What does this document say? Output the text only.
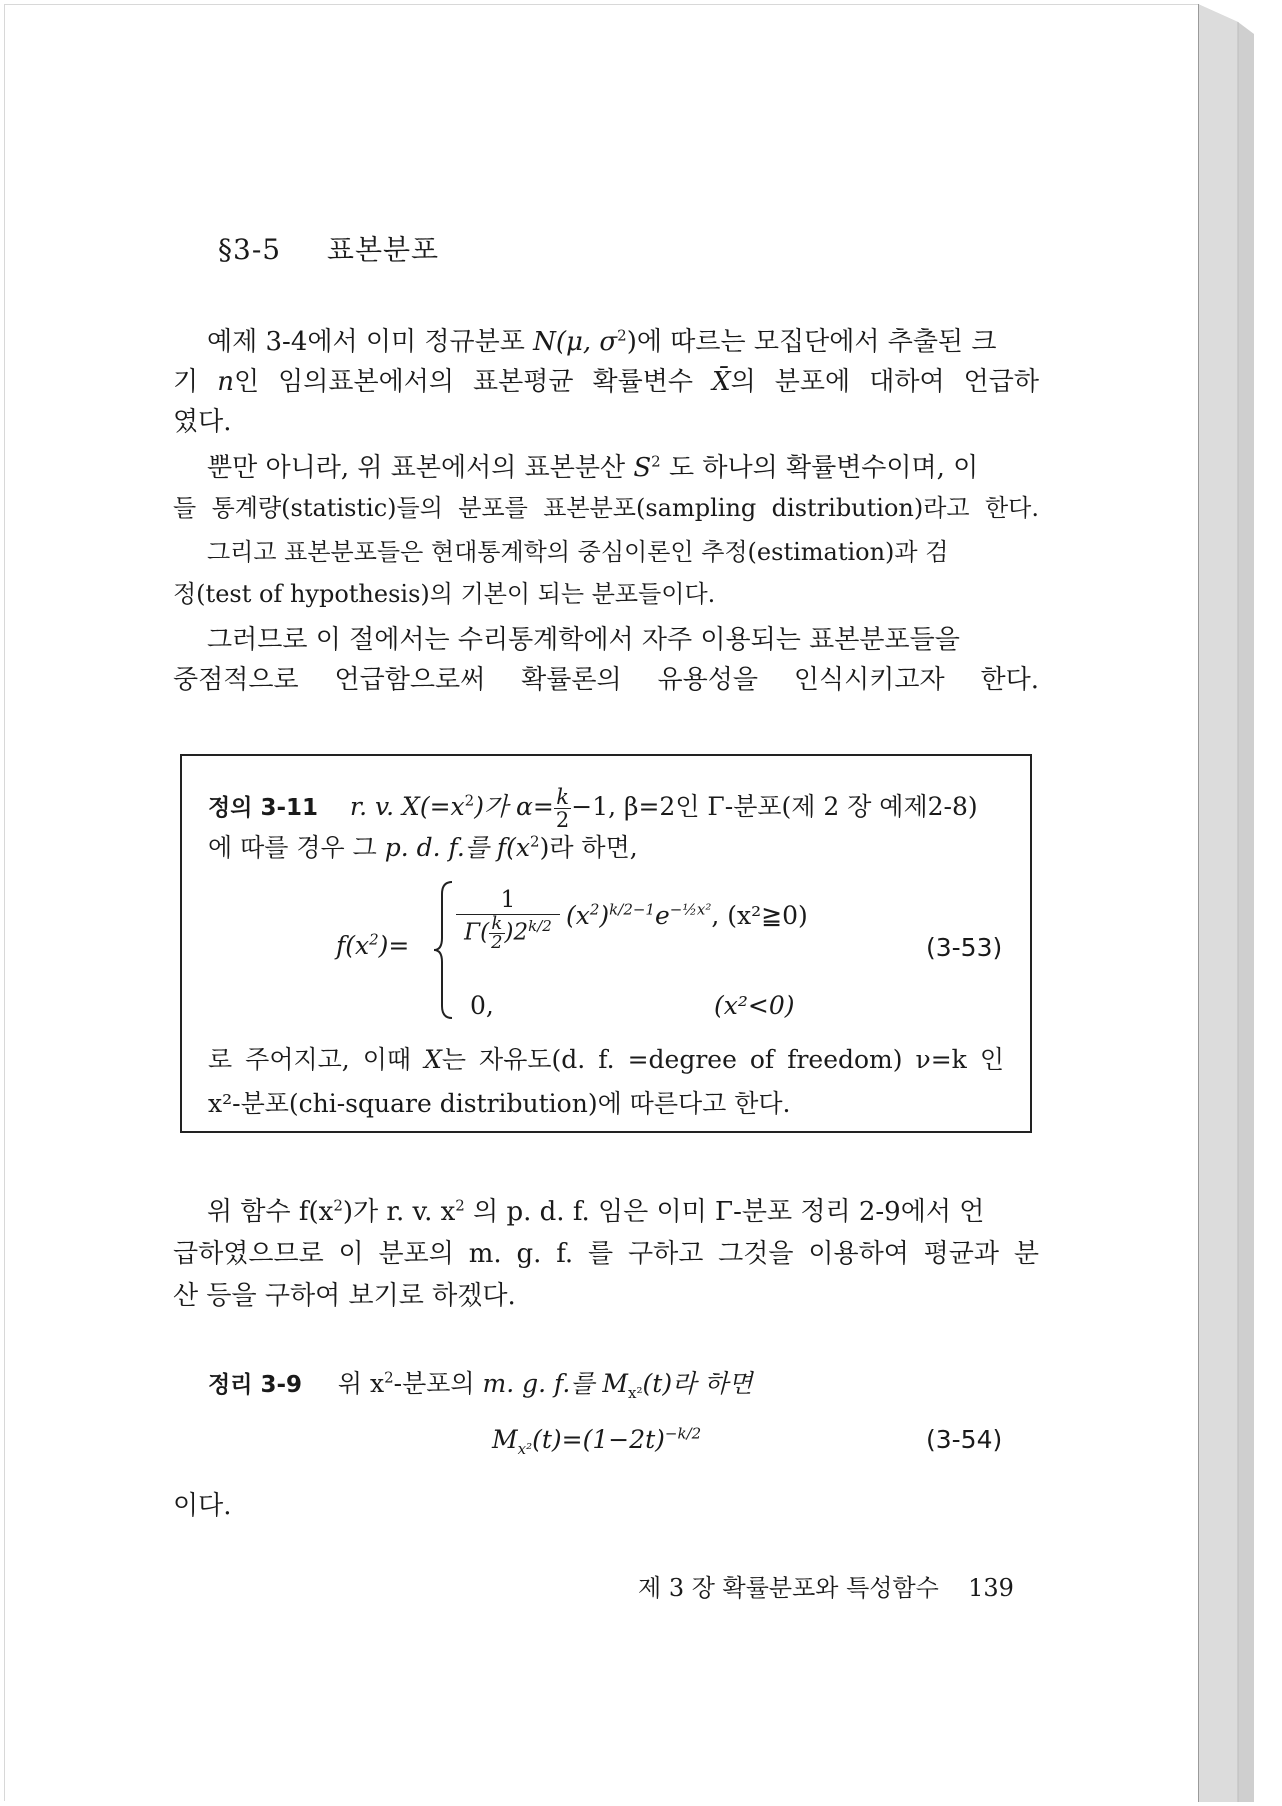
§3-5 표본분포
예제 3-4에서 이미 정규분포 N(μ, $\sigma^2$)에 따르는 모집단에서 추출된 크
기 n인 임의표본에서의 표본평균 확률변수 X̄의 분포에 대하여 언급하
였다.
뿐만 아니라, 위 표본에서의 표본분산 $S^2$ 도 하나의 확률변수이며, 이
들 통계량(statistic)들의 분포를 표본분포(sampling distribution)라고 한다.
그리고 표본분포들은 현대통계학의 중심이론인 추정(estimation)과 검
정(test of hypothesis)의 기본이 되는 분포들이다.
그러므로 이 절에서는 수리통계학에서 자주 이용되는 표본분포들을
중점적으로 언급함으로써 확률론의 유용성을 인식시키고자 한다.
정의 3-11 r. v. $X(=x^2)$가 $\alpha= \frac{k}{2} -1$, β=2인 Γ-분포(제 2 장 예제2-8)
에 따를 경우 그 p. d. f.를 $f(x^2)$라 하면,
$f(x^2)= \frac{1}{\Gamma( \frac{k}{2} )2^{k/2}} (x^2)^{k/2-1}e^{-\frac{1}{2}x^2}$, (x²≧0)
0,	(x²<0)
(3-53)
로 주어지고, 이때 X는 자유도(d. f. =degree of freedom) ν=k 인
x²-분포(chi-square distribution)에 따른다고 한다.
위 함수 $f(x^2)$가 r. v. $x^2$ 의 p. d. f. 임은 이미 Γ-분포 정리 2-9에서 언
급하였으므로 이 분포의 m. g. f. 를 구하고 그것을 이용하여 평균과 분
산 등을 구하여 보기로 하겠다.
정리 3-9 위 $x^2-$분포의 m. g. f.를 $M_{x^2}(t)$라 하면
$M_{x^2}(t)=(1-2t)^{-k/2}$	(3-54)
이다.
제 3 장 확률분포와 특성함수 139
